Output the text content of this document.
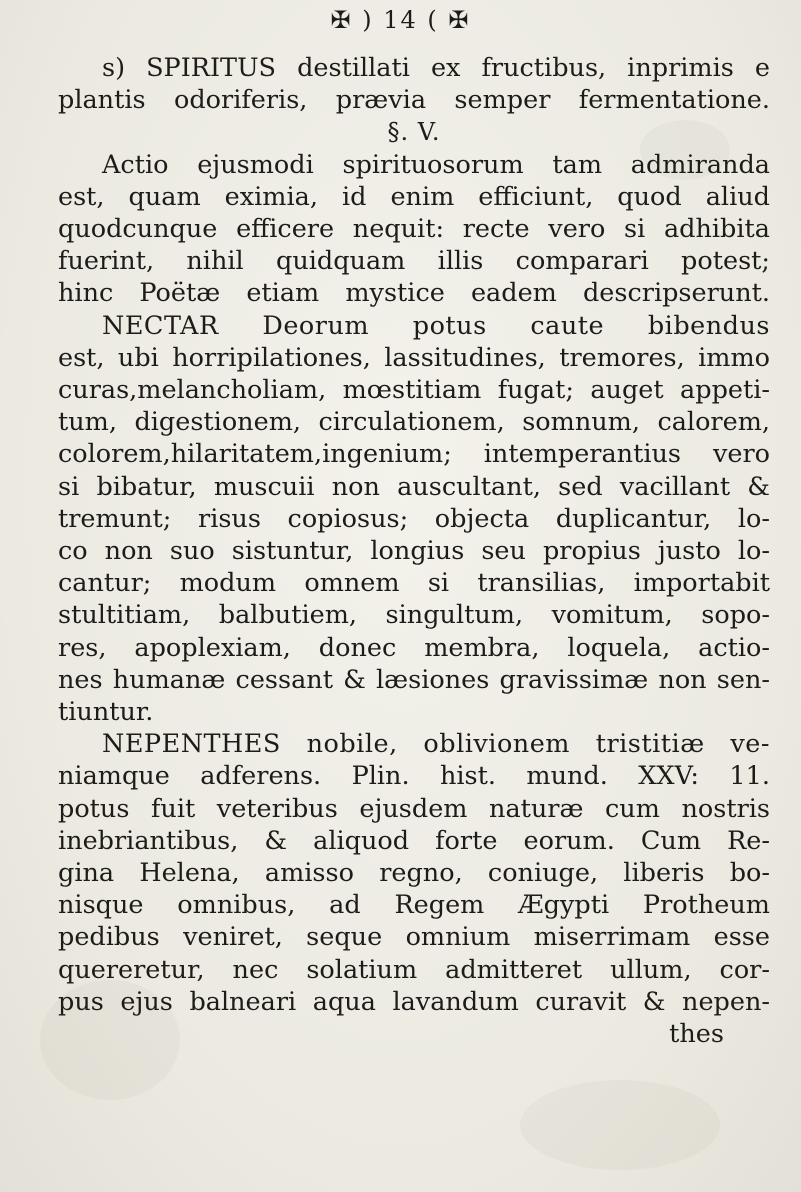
✠ ) 14 ( ✠
s) SPIRITUS destillati ex fructibus, inprimis e
plantis odoriferis, prævia semper fermentatione.
§. V.
Actio ejusmodi spirituosorum tam admiranda
est, quam eximia, id enim efficiunt, quod aliud
quodcunque efficere nequit: recte vero si adhibita
fuerint, nihil quidquam illis comparari potest;
hinc Poëtæ etiam mystice eadem descripserunt.
NECTAR Deorum potus caute bibendus
est, ubi horripilationes, lassitudines, tremores, immo
curas,melancholiam, mœstitiam fugat; auget appeti-
tum, digestionem, circulationem, somnum, calorem,
colorem,hilaritatem,ingenium; intemperantius vero
si bibatur, muscuii non auscultant, sed vacillant &
tremunt; risus copiosus; objecta duplicantur, lo-
co non suo sistuntur, longius seu propius justo lo-
cantur; modum omnem si transilias, importabit
stultitiam, balbutiem, singultum, vomitum, sopo-
res, apoplexiam, donec membra, loquela, actio-
nes humanæ cessant & læsiones gravissimæ non sen-
tiuntur.
NEPENTHES nobile, oblivionem tristitiæ ve-
niamque adferens. Plin. hist. mund. XXV: 11.
potus fuit veteribus ejusdem naturæ cum nostris
inebriantibus, & aliquod forte eorum. Cum Re-
gina Helena, amisso regno, coniuge, liberis bo-
nisque omnibus, ad Regem Ægypti Protheum
pedibus veniret, seque omnium miserrimam esse
quereretur, nec solatium admitteret ullum, cor-
pus ejus balneari aqua lavandum curavit & nepen-
thes
